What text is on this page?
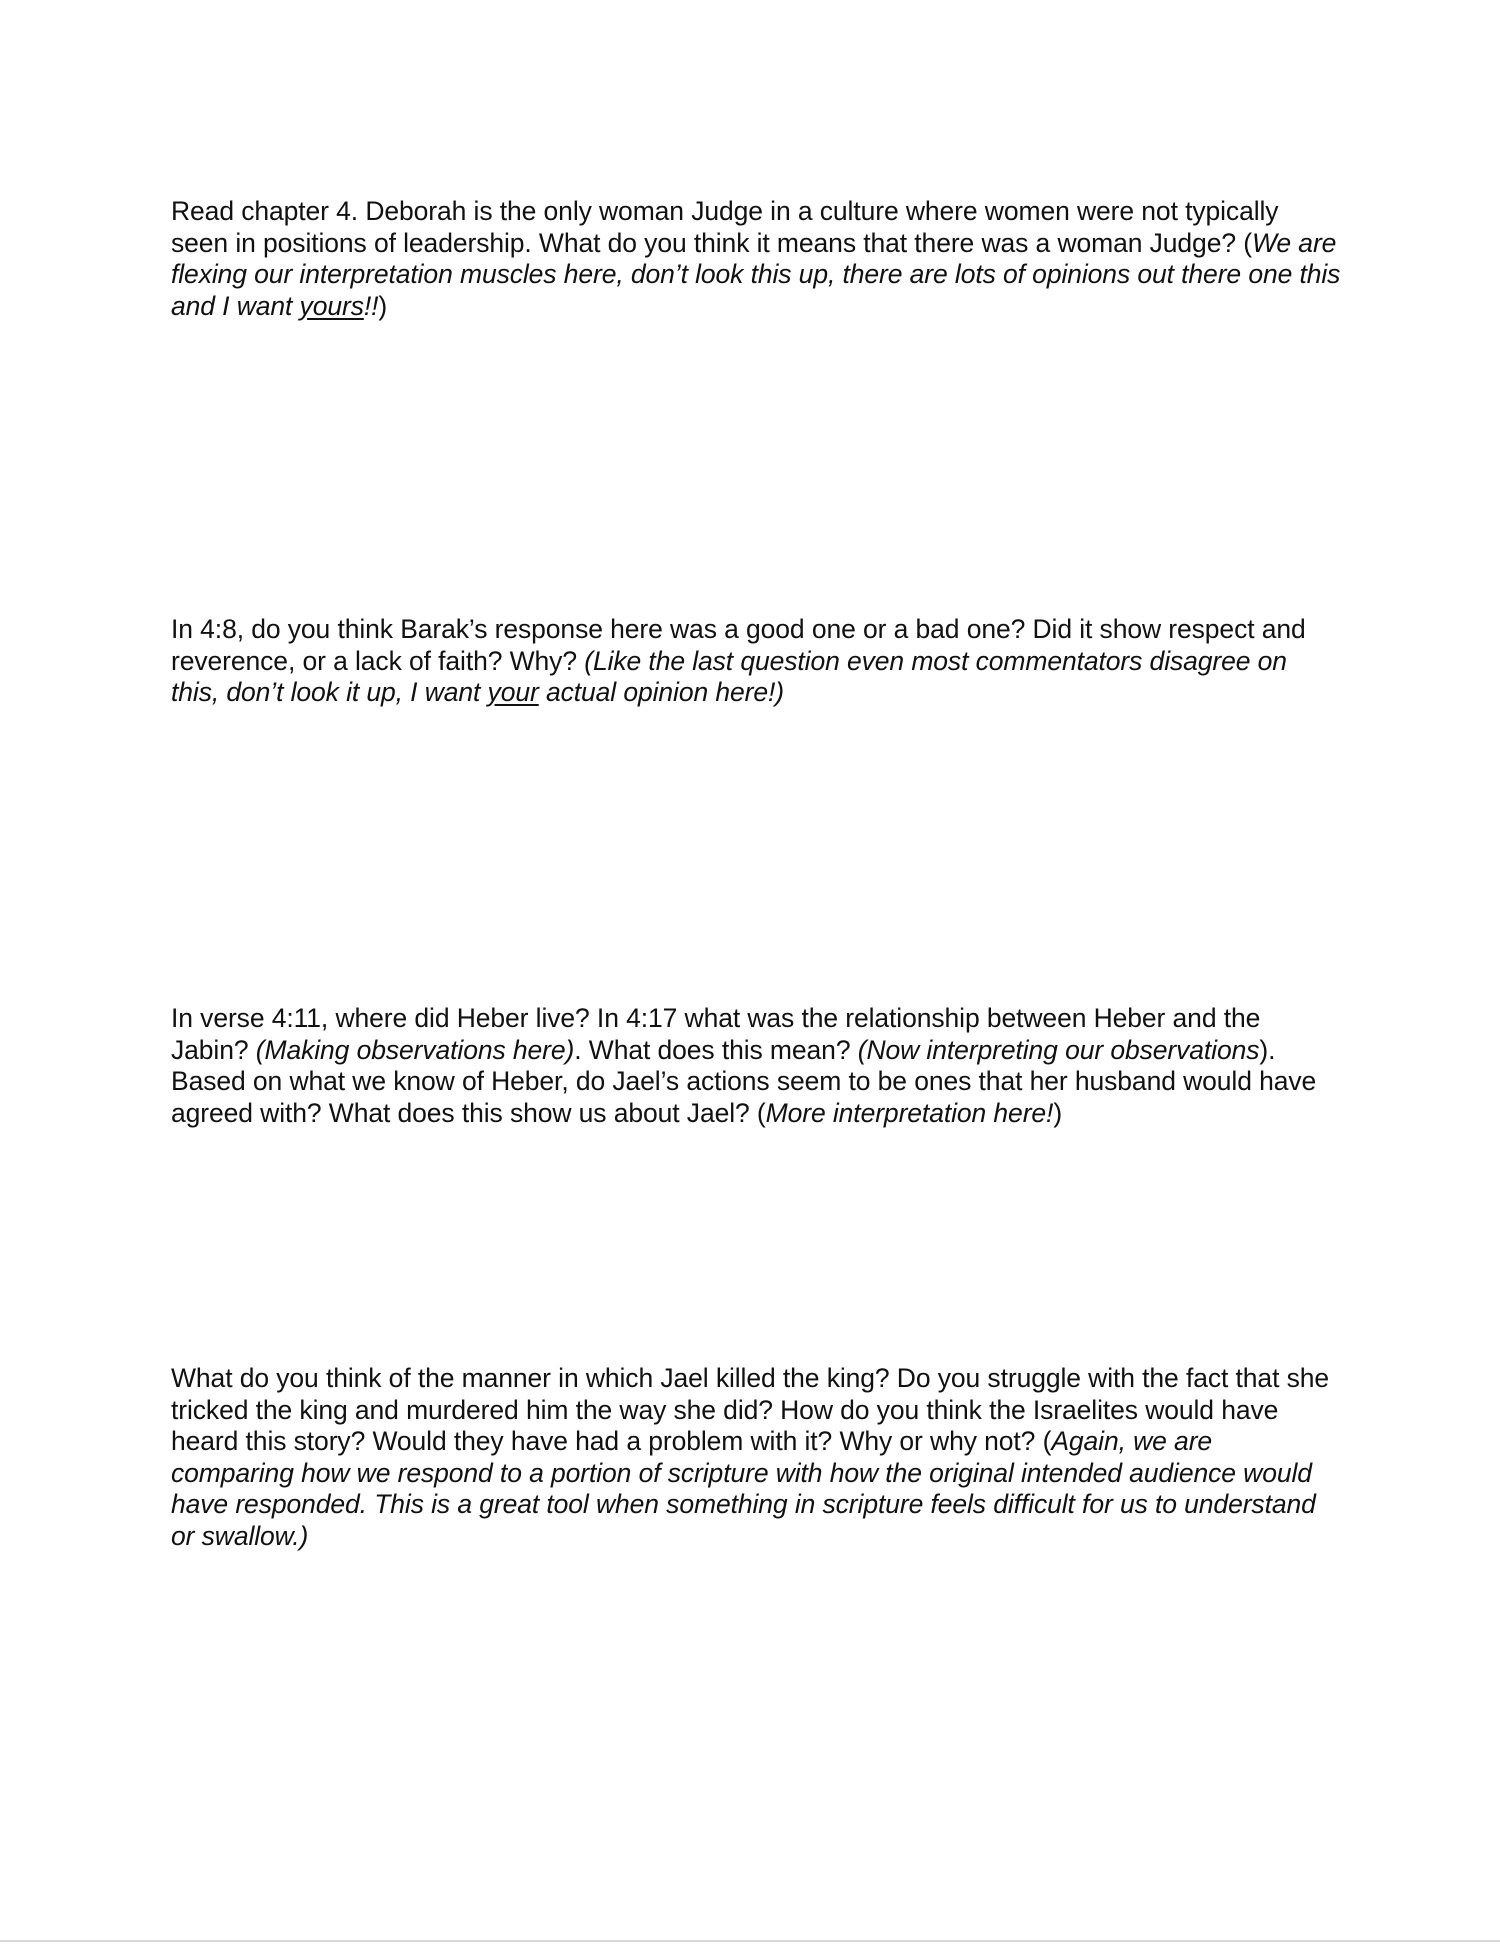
Read chapter 4. Deborah is the only woman Judge in a culture where women were not typically seen in positions of leadership. What do you think it means that there was a woman Judge? (We are flexing our interpretation muscles here, don’t look this up, there are lots of opinions out there one this and I want yours!!)

In 4:8, do you think Barak’s response here was a good one or a bad one? Did it show respect and reverence, or a lack of faith? Why? (Like the last question even most commentators disagree on this, don’t look it up, I want your actual opinion here!)

In verse 4:11, where did Heber live? In 4:17 what was the relationship between Heber and the Jabin? (Making observations here). What does this mean? (Now interpreting our observations). Based on what we know of Heber, do Jael’s actions seem to be ones that her husband would have agreed with? What does this show us about Jael? (More interpretation here!)

What do you think of the manner in which Jael killed the king? Do you struggle with the fact that she tricked the king and murdered him the way she did? How do you think the Israelites would have heard this story? Would they have had a problem with it? Why or why not? (Again, we are comparing how we respond to a portion of scripture with how the original intended audience would have responded. This is a great tool when something in scripture feels difficult for us to understand or swallow.)
